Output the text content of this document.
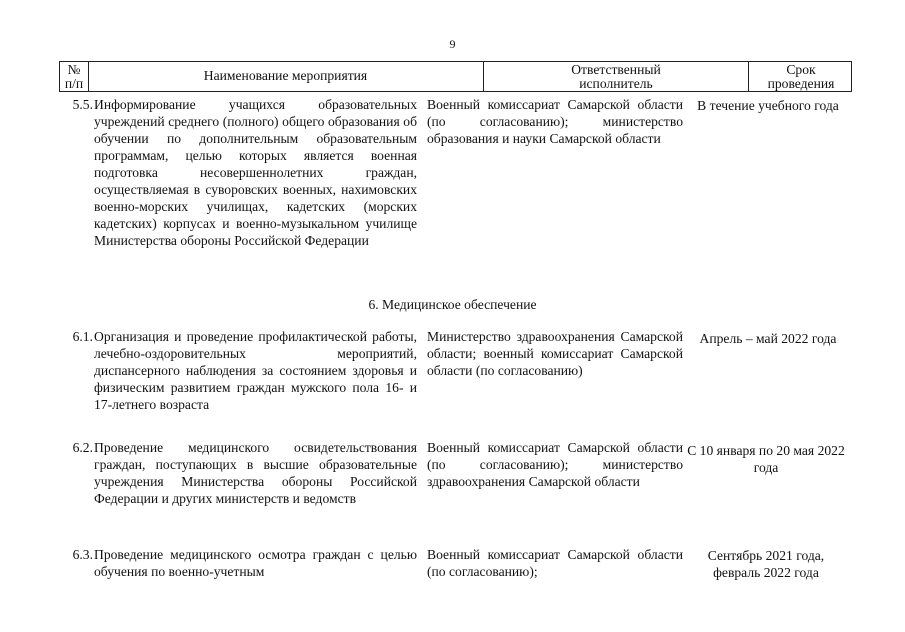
9
№
п/п
Наименование мероприятия	Ответственный
исполнитель
Срок
проведения
5.5. Информирование учащихся образовательных учреждений среднего (полного) общего образования об обучении по дополнительным образовательным программам, целью которых является военная подготовка несовершеннолетних граждан, осуществляемая в суворовских военных, нахимовских военно-морских училищах, кадетских (морских кадетских) корпусах и военно-музыкальном училище Министерства обороны Российской Федерации
Военный комиссариат Самарской области (по согласованию); министерство образования и науки Самарской области
В течение учебного года
6. Медицинское обеспечение
6.1. Организация и проведение профилактической работы, лечебно-оздоровительных мероприятий, диспансерного наблюдения за состоянием здоровья и физическим развитием граждан мужского пола 16- и 17-летнего возраста
Министерство здравоохранения Самарской области; военный комиссариат Самарской области (по согласованию)
Апрель – май 2022 года
6.2. Проведение медицинского освидетельствования граждан, поступающих в высшие образовательные учреждения Министерства обороны Российской Федерации и других министерств и ведомств
Военный комиссариат Самарской области (по согласованию); министерство здравоохранения Самарской области
С 10 января по 20 мая 2022 года
6.3. Проведение медицинского осмотра граждан с целью обучения по военно-учетным
Военный комиссариат Самарской области (по согласованию);
Сентябрь 2021 года, февраль 2022 года
